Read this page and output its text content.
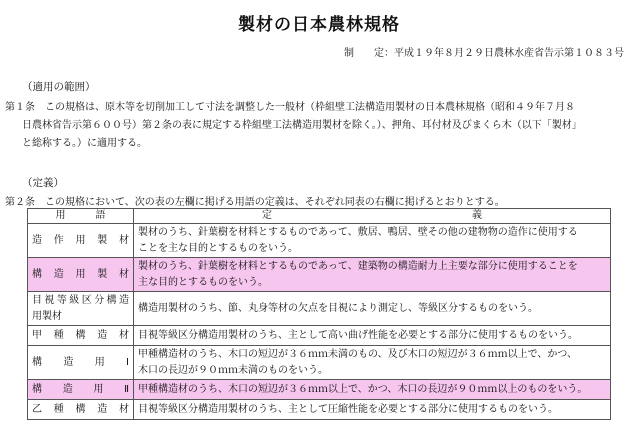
製材の日本農林規格
制　　定：平成１９年８月２９日農林水産省告示第１０８３号
（適用の範囲）
第１条　この規格は、原木等を切削加工して寸法を調整した一般材（枠組壁工法構造用製材の日本農林規格（昭和４９年７月８
日農林省告示第６００号）第２条の表に規定する枠組壁工法構造用製材を除く。）、押角、耳付材及びまくら木（以下「製材」
と総称する。）に適用する。
（定義）
第２条　この規格において、次の表の左欄に掲げる用語の定義は、それぞれ同表の右欄に掲げるとおりとする。
用　　　語	定　　　　　　　　　　　　　　　　　　　　義
造作用製材	製材のうち、針葉樹を材料とするものであって、敷居、鴨居、壁その他の建物物の造作に使用する
ことを主な目的とするものをいう。

構造用製材	製材のうち、針葉樹を材料とするものであって、建築物の構造耐力上主要な部分に使用することを
主な目的とするものをいう。

目視等級区分構造
用製材	構造用製材のうち、節、丸身等材の欠点を目視により測定し、等級区分するものをいう。
甲種構造材	目視等級区分構造用製材のうち、主として高い曲げ性能を必要とする部分に使用するものをいう。
構造用Ⅰ	甲種構造材のうち、木口の短辺が３６ｍｍ未満のもの、及び木口の短辺が３６ｍｍ以上で、かつ、
木口の長辺が９０ｍｍ未満のものをいう。

構造用Ⅱ	甲種構造材のうち、木口の短辺が３６ｍｍ以上で、かつ、木口の長辺が９０ｍｍ以上のものをいう。
乙種構造材	目視等級区分構造用製材のうち、主として圧縮性能を必要とする部分に使用するものをいう。
